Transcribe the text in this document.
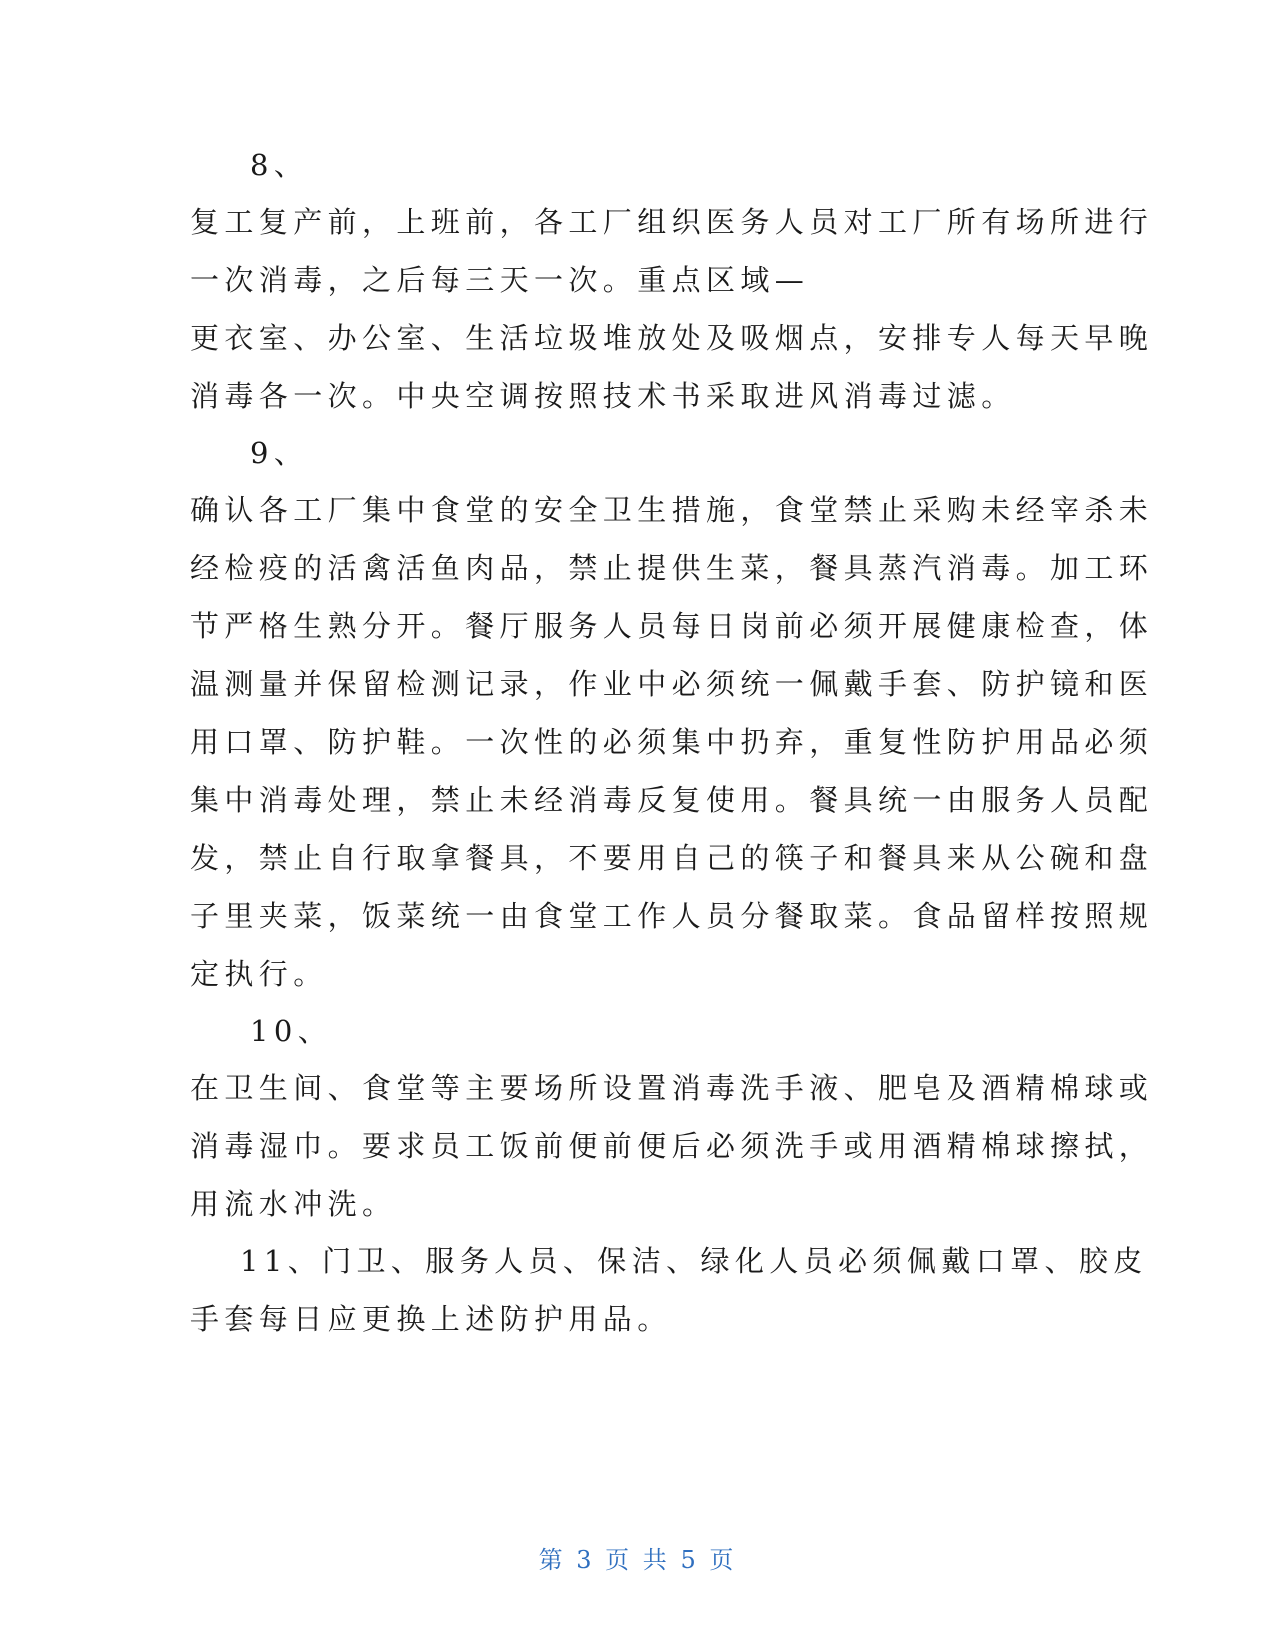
8、
复工复产前，上班前，各工厂组织医务人员对工厂所有场所进行
一次消毒，之后每三天一次。重点区域—
更衣室、办公室、生活垃圾堆放处及吸烟点，安排专人每天早晚
消毒各一次。中央空调按照技术书采取进风消毒过滤。
9、
确认各工厂集中食堂的安全卫生措施，食堂禁止采购未经宰杀未
经检疫的活禽活鱼肉品，禁止提供生菜，餐具蒸汽消毒。加工环
节严格生熟分开。餐厅服务人员每日岗前必须开展健康检查，体
温测量并保留检测记录，作业中必须统一佩戴手套、防护镜和医
用口罩、防护鞋。一次性的必须集中扔弃，重复性防护用品必须
集中消毒处理，禁止未经消毒反复使用。餐具统一由服务人员配
发，禁止自行取拿餐具，不要用自己的筷子和餐具来从公碗和盘
子里夹菜，饭菜统一由食堂工作人员分餐取菜。食品留样按照规
定执行。
10、
在卫生间、食堂等主要场所设置消毒洗手液、肥皂及酒精棉球或
消毒湿巾。要求员工饭前便前便后必须洗手或用酒精棉球擦拭，
用流水冲洗。
11、门卫、服务人员、保洁、绿化人员必须佩戴口罩、胶皮
手套每日应更换上述防护用品。
第 3 页 共 5 页
